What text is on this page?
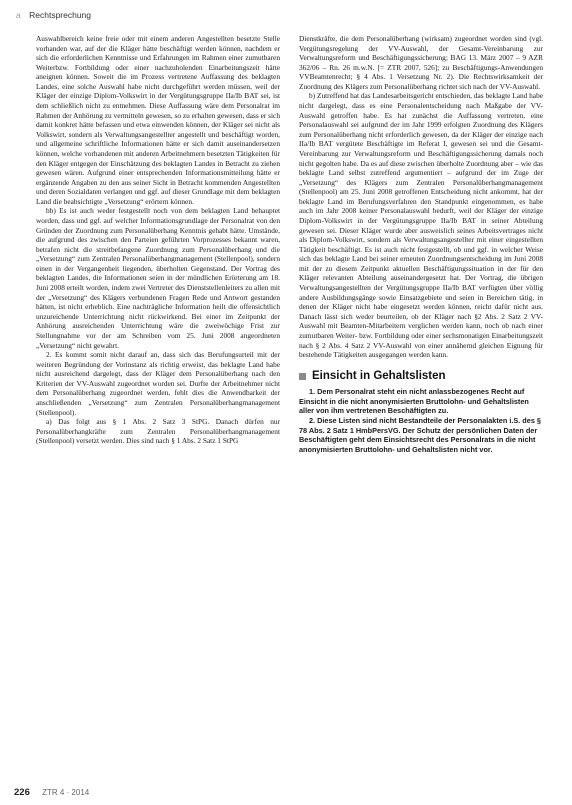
a Rechtsprechung

Auswahlbereich keine freie oder mit einem anderen Angestellten besetzte Stelle vorhanden war, auf der die Kläger hätte beschäftigt werden können, nachdem er sich die erforderlichen Kenntnisse und Erfahrungen im Rahmen einer zumutbaren Weiterbzw. Fortbildung oder einer nachzuholenden Einarbeitungszeit hätte aneignen können. Soweit die im Prozess vertretene Auffassung des beklagten Landes, eine solche Auswahl habe nicht durchgeführt werden müssen, weil der Kläger der einzige Diplom-Volkswirt in der Vergütungsgruppe IIa/Ib BAT sei, ist dem schließlich nicht zu entnehmen. Diese Auffassung wäre dem Personalrat im Rahmen der Anhörung zu vermitteln gewesen, so zu erhalten gewesen, dass er sich damit konkret hätte befassen und etwa einwenden können, der Kläger sei nicht als Volkswirt, sondern als Verwaltungsangestellter angestellt und beschäftigt worden, und allgemeine schriftliche Informationen hätte er sich damit auseinandersetzen können, welche vorhandenen mit anderen Arbeitnehmern besetzten Tätigkeiten für den Kläger entgegen der Einschätzung des beklagten Landes in Betracht zu ziehen gewesen wären. Aufgrund einer entsprechenden Informationsmitteilung hätte er ergänzende Angaben zu den aus seiner Sicht in Betracht kommenden Angestellten und deren Sozialdaten verlangen und ggf. auf dieser Grundlage mit dem beklagten Land die beabsichtigte „Versetzung“ erörtern können.

bb) Es ist auch weder festgestellt noch von dem beklagten Land behauptet worden, dass und ggf. auf welcher Informationsgrundlage der Personalrat von den Gründen der Zuordnung zum Personalüberhang Kenntnis gehabt hätte. Umstände, die aufgrund des zwischen den Parteien geführten Vorprozesses bekannt waren, betrafen nicht die streitbefangene Zuordnung zum Personalüberhang und die „Versetzung“ zum Zentralen Personalüberhangmanagement (Stellenpool), sondern einen in der Vergangenheit liegenden, überholten Gegenstand. Der Vortrag des beklagten Landes, die Informationen seien in der mündlichen Erörterung am 18. Juni 2008 erteilt worden, indem zwei Vertreter des Dienststellenleiters zu allen mit der „Versetzung“ des Klägers verbundenen Fragen Rede und Antwort gestanden hätten, ist nicht erheblich. Eine nachträgliche Information heilt die offensichtlich unzureichende Unterrichtung nicht rückwirkend. Bei einer im Zeitpunkt der Anhörung ausreichenden Unterrichtung wäre die zweiwöchige Frist zur Stellungnahme vor der am Schreiben vom 25. Juni 2008 angeordneten „Versetzung“ nicht gewahrt.

2. Es kommt somit nicht darauf an, dass sich das Berufungsurteil mit der weiteren Begründung der Vorinstanz als richtig erweist, das beklagte Land habe nicht ausreichend dargelegt, dass der Kläger dem Personalüberhang nach den Kriterien der VV-Auswahl zugeordnet worden sei. Durfte der Arbeitnehmer nicht dem Personalüberhang zugeordnet werden, fehlt dies die Anwendbarkeit der anschließenden „Versetzung“ zum Zentralen Personalüberhangmanagement (Stellenpool).

a) Das folgt aus § 1 Abs. 2 Satz 3 StPG. Danach dürfen nur Personalüberhangkräfte zum Zentralen Personalüberhangmanagement (Stellenpool) versetzt werden. Dies sind nach § 1 Abs. 2 Satz 1 StPG

Dienstkräfte, die dem Personalüberhang (wirksam) zugeordnet worden sind (vgl. Vergütungsregelung der VV-Auswahl, der Gesamt-Vereinbarung zur Verwaltungsreform und Beschäftigungssicherung; BAG 13. März 2007 – 9 AZR 362/06 – Rn. 26 m.w.N. [= ZTR 2007, 526]; zu Beschäftigungs-Anwendungen VVBeamtenrecht; § 4 Abs. 1 Versetzung Nr. 2). Die Rechtswirksamkeit der Zuordnung des Klägers zum Personalüberhang richtet sich nach der VV-Auswahl.

b) Zutreffend hat das Landesarbeitsgericht entschieden, das beklagte Land habe nicht dargelegt, dass es eine Personalentscheidung nach Maßgabe der VV-Auswahl getroffen habe. Es hat zunächst die Auffassung vertreten, eine Personalauswahl sei aufgrund der im Jahr 1999 erfolgten Zuordnung des Klägers zum Personalüberhang nicht erforderlich gewesen, da der Kläger der einzige nach IIa/Ib BAT vergütete Beschäftigte im Referat I, gewesen sei und die Gesamt-Vereinbarung zur Verwaltungsreform und Beschäftigungssicherung damals noch nicht gegolten habe. Da es auf diese zwischen überholte Zuordnung aber – wie das beklagte Land selbst zutreffend argumentiert – aufgrund der im Zuge der „Versetzung“ des Klägers zum Zentralen Personalüberhangmanagement (Stellenpool) am 25. Juni 2008 getroffenen Entscheidung nicht ankommt, hat der beklagte Land im Berufungsverfahren den Standpunkt eingenommen, es habe auch im Jahr 2008 keiner Personalauswahl bedurft, weil der Kläger der einzige Diplom-Volkswirt in der Vergütungsgruppe IIa/Ib BAT in seiner Abteilung gewesen sei. Dieser Kläger wurde aber ausweislich seines Arbeitsvertrages nicht als Diplom-Volkswirt, sondern als Verwaltungsangestellter mit einer eingestellten Tätigkeit beschäftigt. Es ist auch nicht festgestellt, ob und ggf. in welcher Weise sich das beklagte Land bei seiner erneuten Zuordnungsentscheidung im Juni 2008 mit der zu diesem Zeitpunkt aktuellen Beschäftigungssituation in der für den Kläger relevanten Abteilung auseinandergesetzt hat. Der Vortrag, die übrigen Verwaltungsangestellten der Vergütungsgruppe IIa/Ib BAT verfügten über völlig andere Ausbildungsgänge sowie Einsatzgebiete und seien in Bereichen tätig, in denen der Kläger nicht habe eingesetzt werden können, reicht dafür nicht aus. Danach lässt sich weder beurteilen, ob der Kläger nach §2 Abs. 2 Satz 2 VV-Auswahl mit Beamten-Mitarbeitern verglichen werden kann, noch ob nach einer zumutbaren Weiter- bzw. Fortbildung oder einer sechsmonatigen Einarbeitungszeit nach § 2 Abs. 4 Satz 2 VV-Auswahl von einer annähernd gleichen Eignung für bestehende Tätigkeiten ausgegangen werden kann.

Einsicht in Gehaltslisten

1. Dem Personalrat steht ein nicht anlassbezogenes Recht auf Einsicht in die nicht anonymisierten Bruttolohn- und Gehaltslisten aller von ihm vertretenen Beschäftigten zu.

2. Diese Listen sind nicht Bestandteile der Personalakten i.S. des § 78 Abs. 2 Satz 1 HmbPersVG. Der Schutz der persönlichen Daten der Beschäftigten geht dem Einsichtsrecht des Personalrats in die nicht anonymisierten Bruttolohn- und Gehaltslisten nicht vor.

226 ZTR 4 · 2014
